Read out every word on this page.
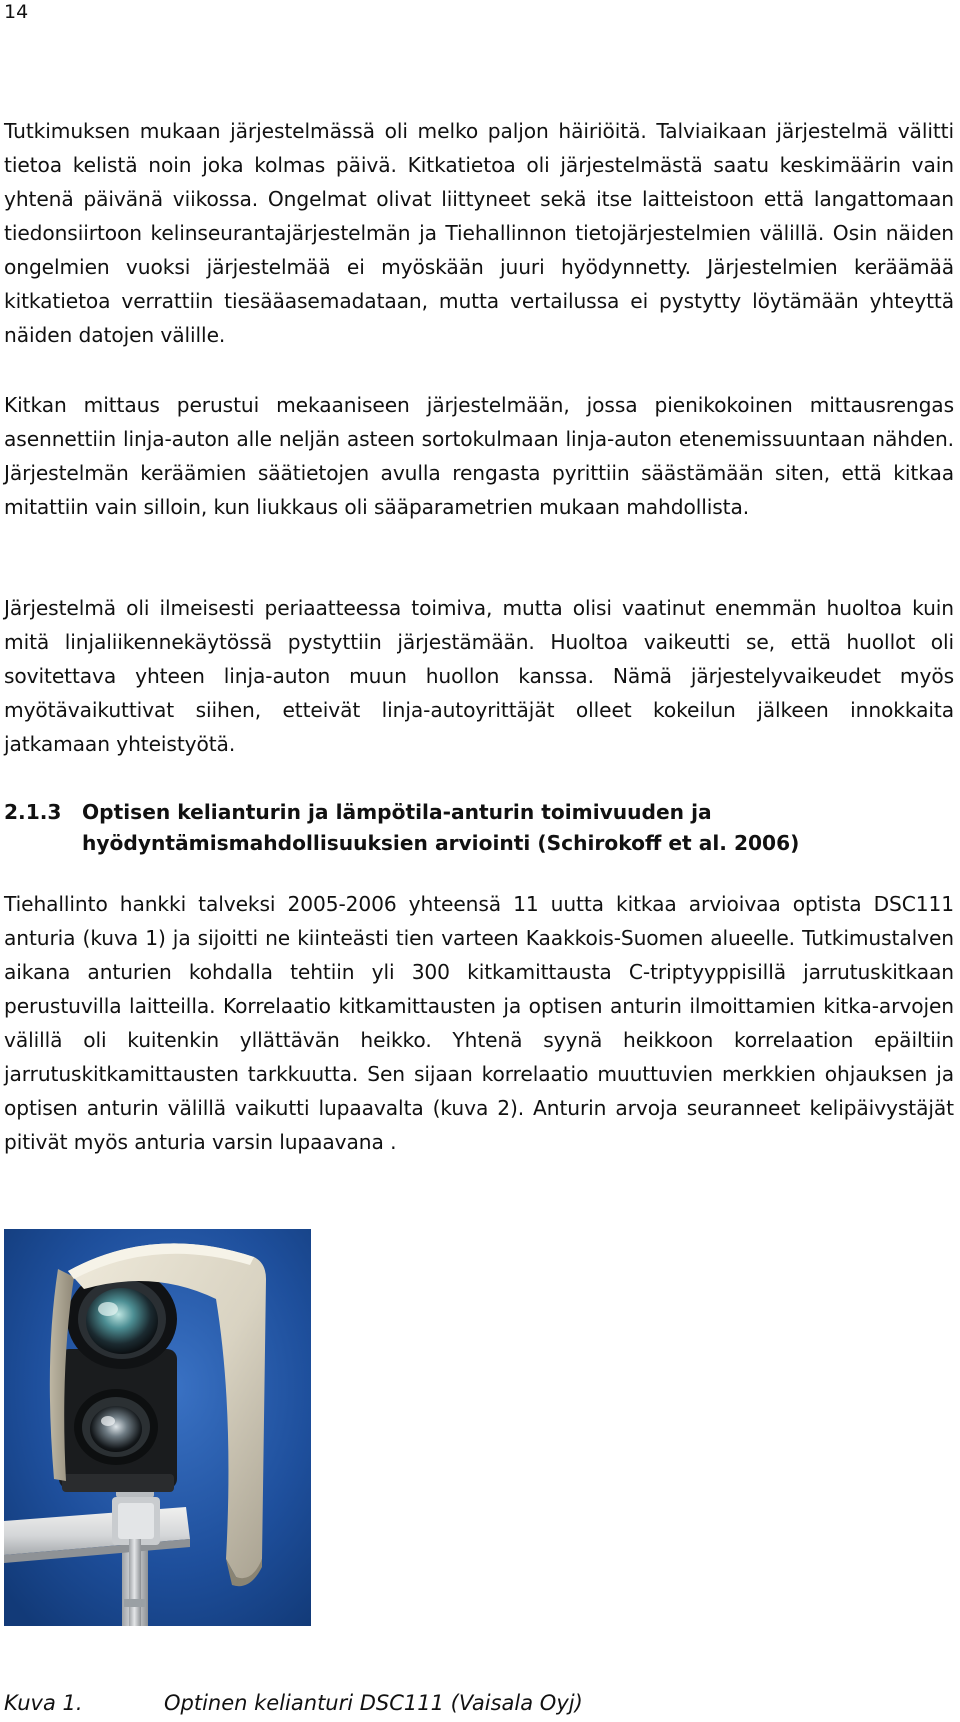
14
Tutkimuksen mukaan järjestelmässä oli melko paljon häiriöitä. Talviaikaan järjestelmä välitti tietoa kelistä noin joka kolmas päivä. Kitkatietoa oli järjestelmästä saatu keskimäärin vain yhtenä päivänä viikossa. Ongelmat olivat liittyneet sekä itse laitteistoon että langattomaan tiedonsiirtoon kelinseurantajärjestelmän ja Tiehallinnon tietojärjestelmien välillä. Osin näiden ongelmien vuoksi järjestelmää ei myöskään juuri hyödynnetty. Järjestelmien keräämää kitkatietoa verrattiin tiesääasemadataan, mutta vertailussa ei pystytty löytämään yhteyttä näiden datojen välille.
Kitkan mittaus perustui mekaaniseen järjestelmään, jossa pienikokoinen mittausrengas asennettiin linja-auton alle neljän asteen sortokulmaan linja-auton etenemissuuntaan nähden. Järjestelmän keräämien säätietojen avulla rengasta pyrittiin säästämään siten, että kitkaa mitattiin vain silloin, kun liukkaus oli sääparametrien mukaan mahdollista.
Järjestelmä oli ilmeisesti periaatteessa toimiva, mutta olisi vaatinut enemmän huoltoa kuin mitä linjaliikennekäytössä pystyttiin järjestämään. Huoltoa vaikeutti se, että huollot oli sovitettava yhteen linja-auton muun huollon kanssa. Nämä järjestelyvaikeudet myös myötävaikuttivat siihen, etteivät linja-autoyrittäjät olleet kokeilun jälkeen innokkaita jatkamaan yhteistyötä.
2.1.3 Optisen kelianturin ja lämpötila-anturin toimivuuden ja hyödyntämismahdollisuuksien arviointi (Schirokoff et al. 2006)
Tiehallinto hankki talveksi 2005-2006 yhteensä 11 uutta kitkaa arvioivaa optista DSC111 anturia (kuva 1) ja sijoitti ne kiinteästi tien varteen Kaakkois-Suomen alueelle. Tutkimustalven aikana anturien kohdalla tehtiin yli 300 kitkamittausta C-triptyyppisillä jarrutuskitkaan perustuvilla laitteilla. Korrelaatio kitkamittausten ja optisen anturin ilmoittamien kitka-arvojen välillä oli kuitenkin yllättävän heikko. Yhtenä syynä heikkoon korrelaation epäiltiin jarrutuskitkamittausten tarkkuutta. Sen sijaan korrelaatio muuttuvien merkkien ohjauksen ja optisen anturin välillä vaikutti lupaavalta (kuva 2). Anturin arvoja seuranneet kelipäivystäjät pitivät myös anturia varsin lupaavana .
Kuva 1.	Optinen kelianturi DSC111 (Vaisala Oyj)
